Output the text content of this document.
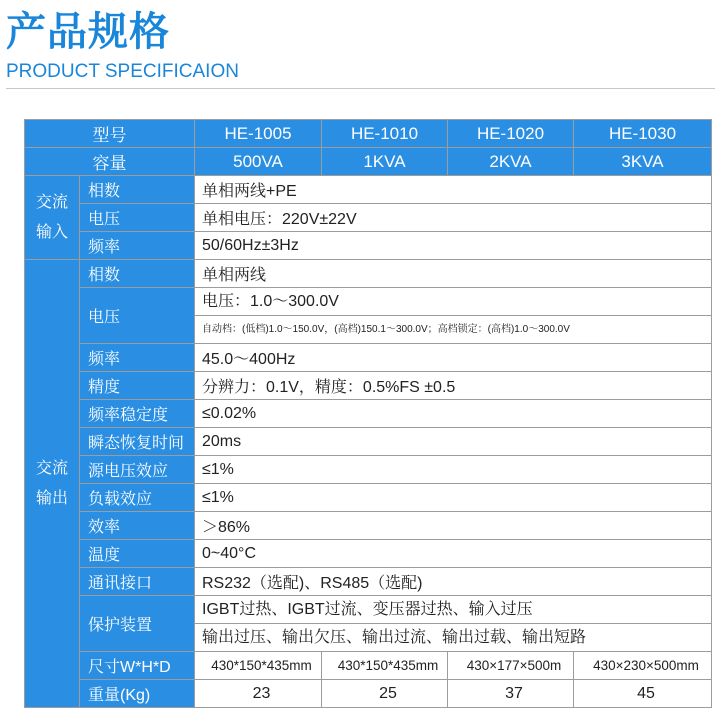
产品规格
PRODUCT SPECIFICAION
型号		HE-1005	HE-1010	HE-1020	HE-1030
容量		500VA	1KVA	2KVA	3KVA
交流
输入	相数	单相两线+PE			
	电压	单相电压：220V±22V			
	频率	50/60Hz±3Hz			
交流
输出	相数	单相两线			
	电压	电压：1.0～300.0V
自动档：(低档)1.0～150.0V，(高档)150.1～300.0V；高档锁定：(高档)1.0～300.0V			

	频率	45.0～400Hz			
	精度	分辨力：0.1V，精度：0.5%FS ±0.5			
	频率稳定度	≤0.02%			
	瞬态恢复时间	20ms			
	源电压效应	≤1%			
	负载效应	≤1%			
	效率	＞86%			
	温度	0~40°C			
	通讯接口	RS232（选配)、RS485（选配)			
	保护装置	IGBT过热、IGBT过流、变压器过热、输入过压
输出过压、输出欠压、输出过流、输出过载、输出短路			

	尺寸W*H*D	430*150*435mm	430*150*435mm	430×177×500m	430×230×500mm
	重量(Kg)	23	25	37	45
